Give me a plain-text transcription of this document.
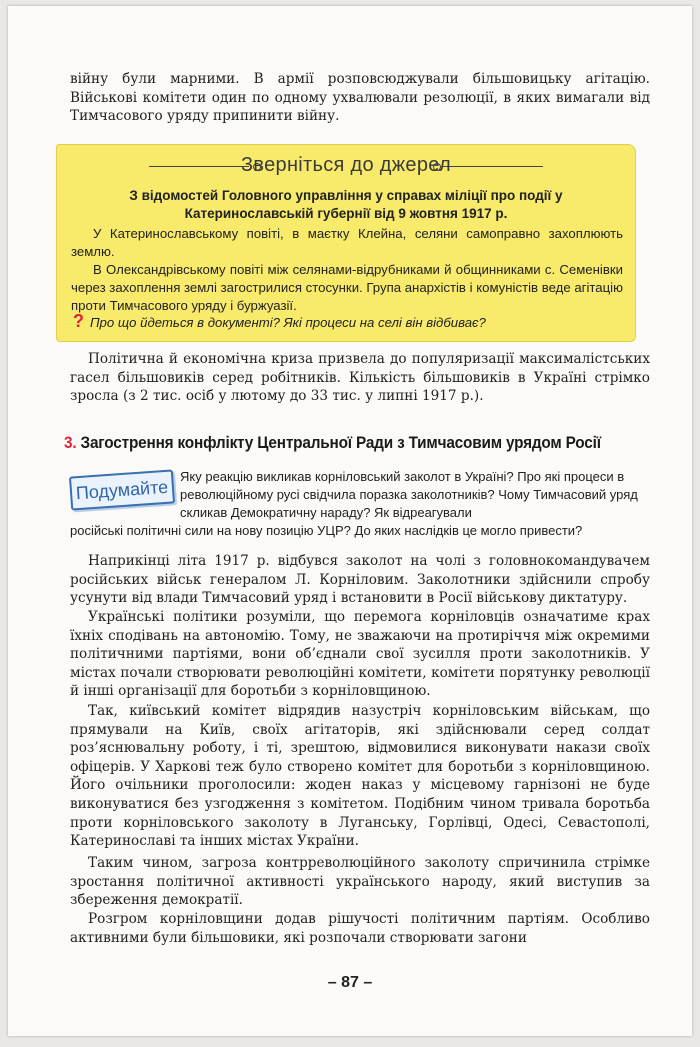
війну були марними. В армії розповсюджували більшовицьку агітацію. Військові комітети один по одному ухвалювали резолюції, в яких вимагали від Тимчасового уряду припинити війну.

Зверніться до джерел
З відомостей Головного управління у справах міліції про події у Катеринославській губернії від 9 жовтня 1917 р.

У Катеринославському повіті, в маєтку Клейна, селяни самоправно захоплюють землю.

В Олександрівському повіті між селянами-відрубниками й общинниками с. Семенівки через захоплення землі загострилися стосунки. Група анархістів і комуністів веде агітацію проти Тимчасового уряду і буржуазії.

? Про що йдеться в документі? Які процеси на селі він відбиває?

Політична й економічна криза призвела до популяризації максималістських гасел більшовиків серед робітників. Кількість більшовиків в Україні стрімко зросла (з 2 тис. осіб у лютому до 33 тис. у липні 1917 р.).

3. Загострення конфлікту Центральної Ради з Тимчасовим урядом Росії
Подумайте

Яку реакцію викликав корніловський заколот в Україні? Про які процеси в революційному русі свідчила поразка заколотників? Чому Тимчасовий уряд скликав Демократичну нараду? Як відреагували

російські політичні сили на нову позицію УЦР? До яких наслідків це могло привести?

Наприкінці літа 1917 р. відбувся заколот на чолі з головнокомандувачем російських військ генералом Л. Корніловим. Заколотники здійснили спробу усунути від влади Тимчасовий уряд і встановити в Росії військову диктатуру.

Українські політики розуміли, що перемога корніловців означатиме крах їхніх сподівань на автономію. Тому, не зважаючи на протиріччя між окремими політичними партіями, вони об’єднали свої зусилля проти заколотників. У містах почали створювати революційні комітети, комітети порятунку революції й інші організації для боротьби з корніловщиною.

Так, київський комітет відрядив назустріч корніловським військам, що прямували на Київ, своїх агітаторів, які здійснювали серед солдат роз’яснювальну роботу, і ті, зрештою, відмовилися виконувати накази своїх офіцерів. У Харкові теж було створено комітет для боротьби з корніловщиною. Його очільники проголосили: жоден наказ у місцевому гарнізоні не буде виконуватися без узгодження з комітетом. Подібним чином тривала боротьба проти корніловського заколоту в Луганську, Горлівці, Одесі, Севастополі, Катеринославі та інших містах України.

Таким чином, загроза контрреволюційного заколоту спричинила стрімке зростання політичної активності українського народу, який виступив за збереження демократії.

Розгром корніловщини додав рішучості політичним партіям. Особливо активними були більшовики, які розпочали створювати загони

– 87 –
